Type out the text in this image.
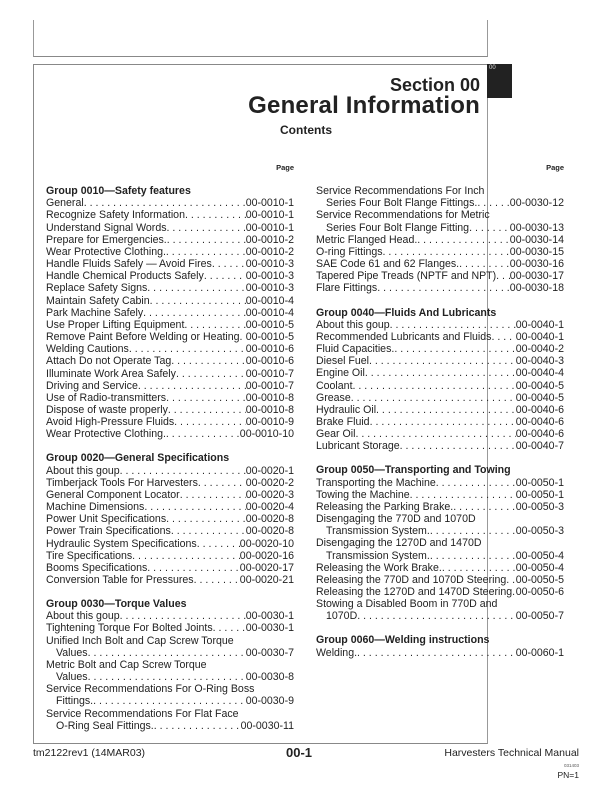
00
Section 00
General Information
Contents
Page
Group 0010—Safety features
General . . .	00-0010-1
Recognize Safety Information . . .	00-0010-1
Understand Signal Words . . .	00-0010-1
Prepare for Emergencies. . . .	00-0010-2
Wear Protective Clothing. . . .	00-0010-2
Handle Fluids Safely — Avoid Fires . . .	00-0010-3
Handle Chemical Products Safely . . .	00-0010-3
Replace Safety Signs . . .	00-0010-3
Maintain Safety Cabin . . .	00-0010-4
Park Machine Safely . . .	00-0010-4
Use Proper Lifting Equipment . . .	00-0010-5
Remove Paint Before Welding or Heating . . . 00-0010-5
Welding Cautions . . .	00-0010-6
Attach Do not Operate Tag . . .	00-0010-6
Illuminate Work Area Safely . . .	00-0010-7
Driving and Service . . .	00-0010-7
Use of Radio-transmitters . . .	00-0010-8
Dispose of waste properly . . .	00-0010-8
Avoid High-Pressure Fluids . . .	00-0010-9
Wear Protective Clothing. . . .	00-0010-10
Group 0020—General Specifications
About this goup . . .	00-0020-1
Timberjack Tools For Harvesters . . .	00-0020-2
General Component Locator . . .	00-0020-3
Machine Dimensions . . .	00-0020-4
Power Unit Specifications . . .	00-0020-8
Power Train Specifications . . .	00-0020-8
Hydraulic System Specifications . . .	00-0020-10
Tire Specifications . . .	00-0020-16
Booms Specifications . . .	00-0020-17
Conversion Table for Pressures . . .	00-0020-21
Group 0030—Torque Values
About this goup . . .	00-0030-1
Tightening Torque For Bolted Joints . . .	00-0030-1
Unified Inch Bolt and Cap Screw Torque
Values . . .	00-0030-7
Metric Bolt and Cap Screw Torque
Values . . .	00-0030-8
Service Recommendations For O-Ring Boss
Fittings. . . .	00-0030-9
Service Recommendations For Flat Face
O-Ring Seal Fittings. . . .	00-0030-11
Page
Service Recommendations For Inch
Series Four Bolt Flange Fittings. . . .	00-0030-12
Service Recommendations for Metric
Series Four Bolt Flange Fitting . . .	00-0030-13
Metric Flanged Head. . . .	00-0030-14
O-ring Fittings . . .	00-0030-15
SAE Code 61 and 62 Flanges. . . .	00-0030-16
Tapered Pipe Treads (NPTF and NPT) . . . 00-0030-17
Flare Fittings . . .	00-0030-18
Group 0040—Fluids And Lubricants
About this goup . . .	00-0040-1
Recommended Lubricants and Fluids . . . 00-0040-1
Fluid Capacities. . . .	00-0040-2
Diesel Fuel . . .	00-0040-3
Engine Oil . . .	00-0040-4
Coolant . . .	00-0040-5
Grease . . .	00-0040-5
Hydraulic Oil . . .	00-0040-6
Brake Fluid . . .	00-0040-6
Gear Oil . . .	00-0040-6
Lubricant Storage . . .	00-0040-7
Group 0050—Transporting and Towing
Transporting the Machine . . .	00-0050-1
Towing the Machine . . .	00-0050-1
Releasing the Parking Brake. . . .	00-0050-3
Disengaging the 770D and 1070D
Transmission System. . . .	00-0050-3
Disengaging the 1270D and 1470D
Transmission System. . . .	00-0050-4
Releasing the Work Brake. . . .	00-0050-4
Releasing the 770D and 1070D Steering . . . 00-0050-5
Releasing the 1270D and 1470D Steering . . . 00-0050-6
Stowing a Disabled Boom in 770D and
1070D . . .	00-0050-7
Group 0060—Welding instructions
Welding. . . .	00-0060-1
tm2122rev1 (14MAR03)	00-1	Harvesters Technical Manual
031403
PN=1
